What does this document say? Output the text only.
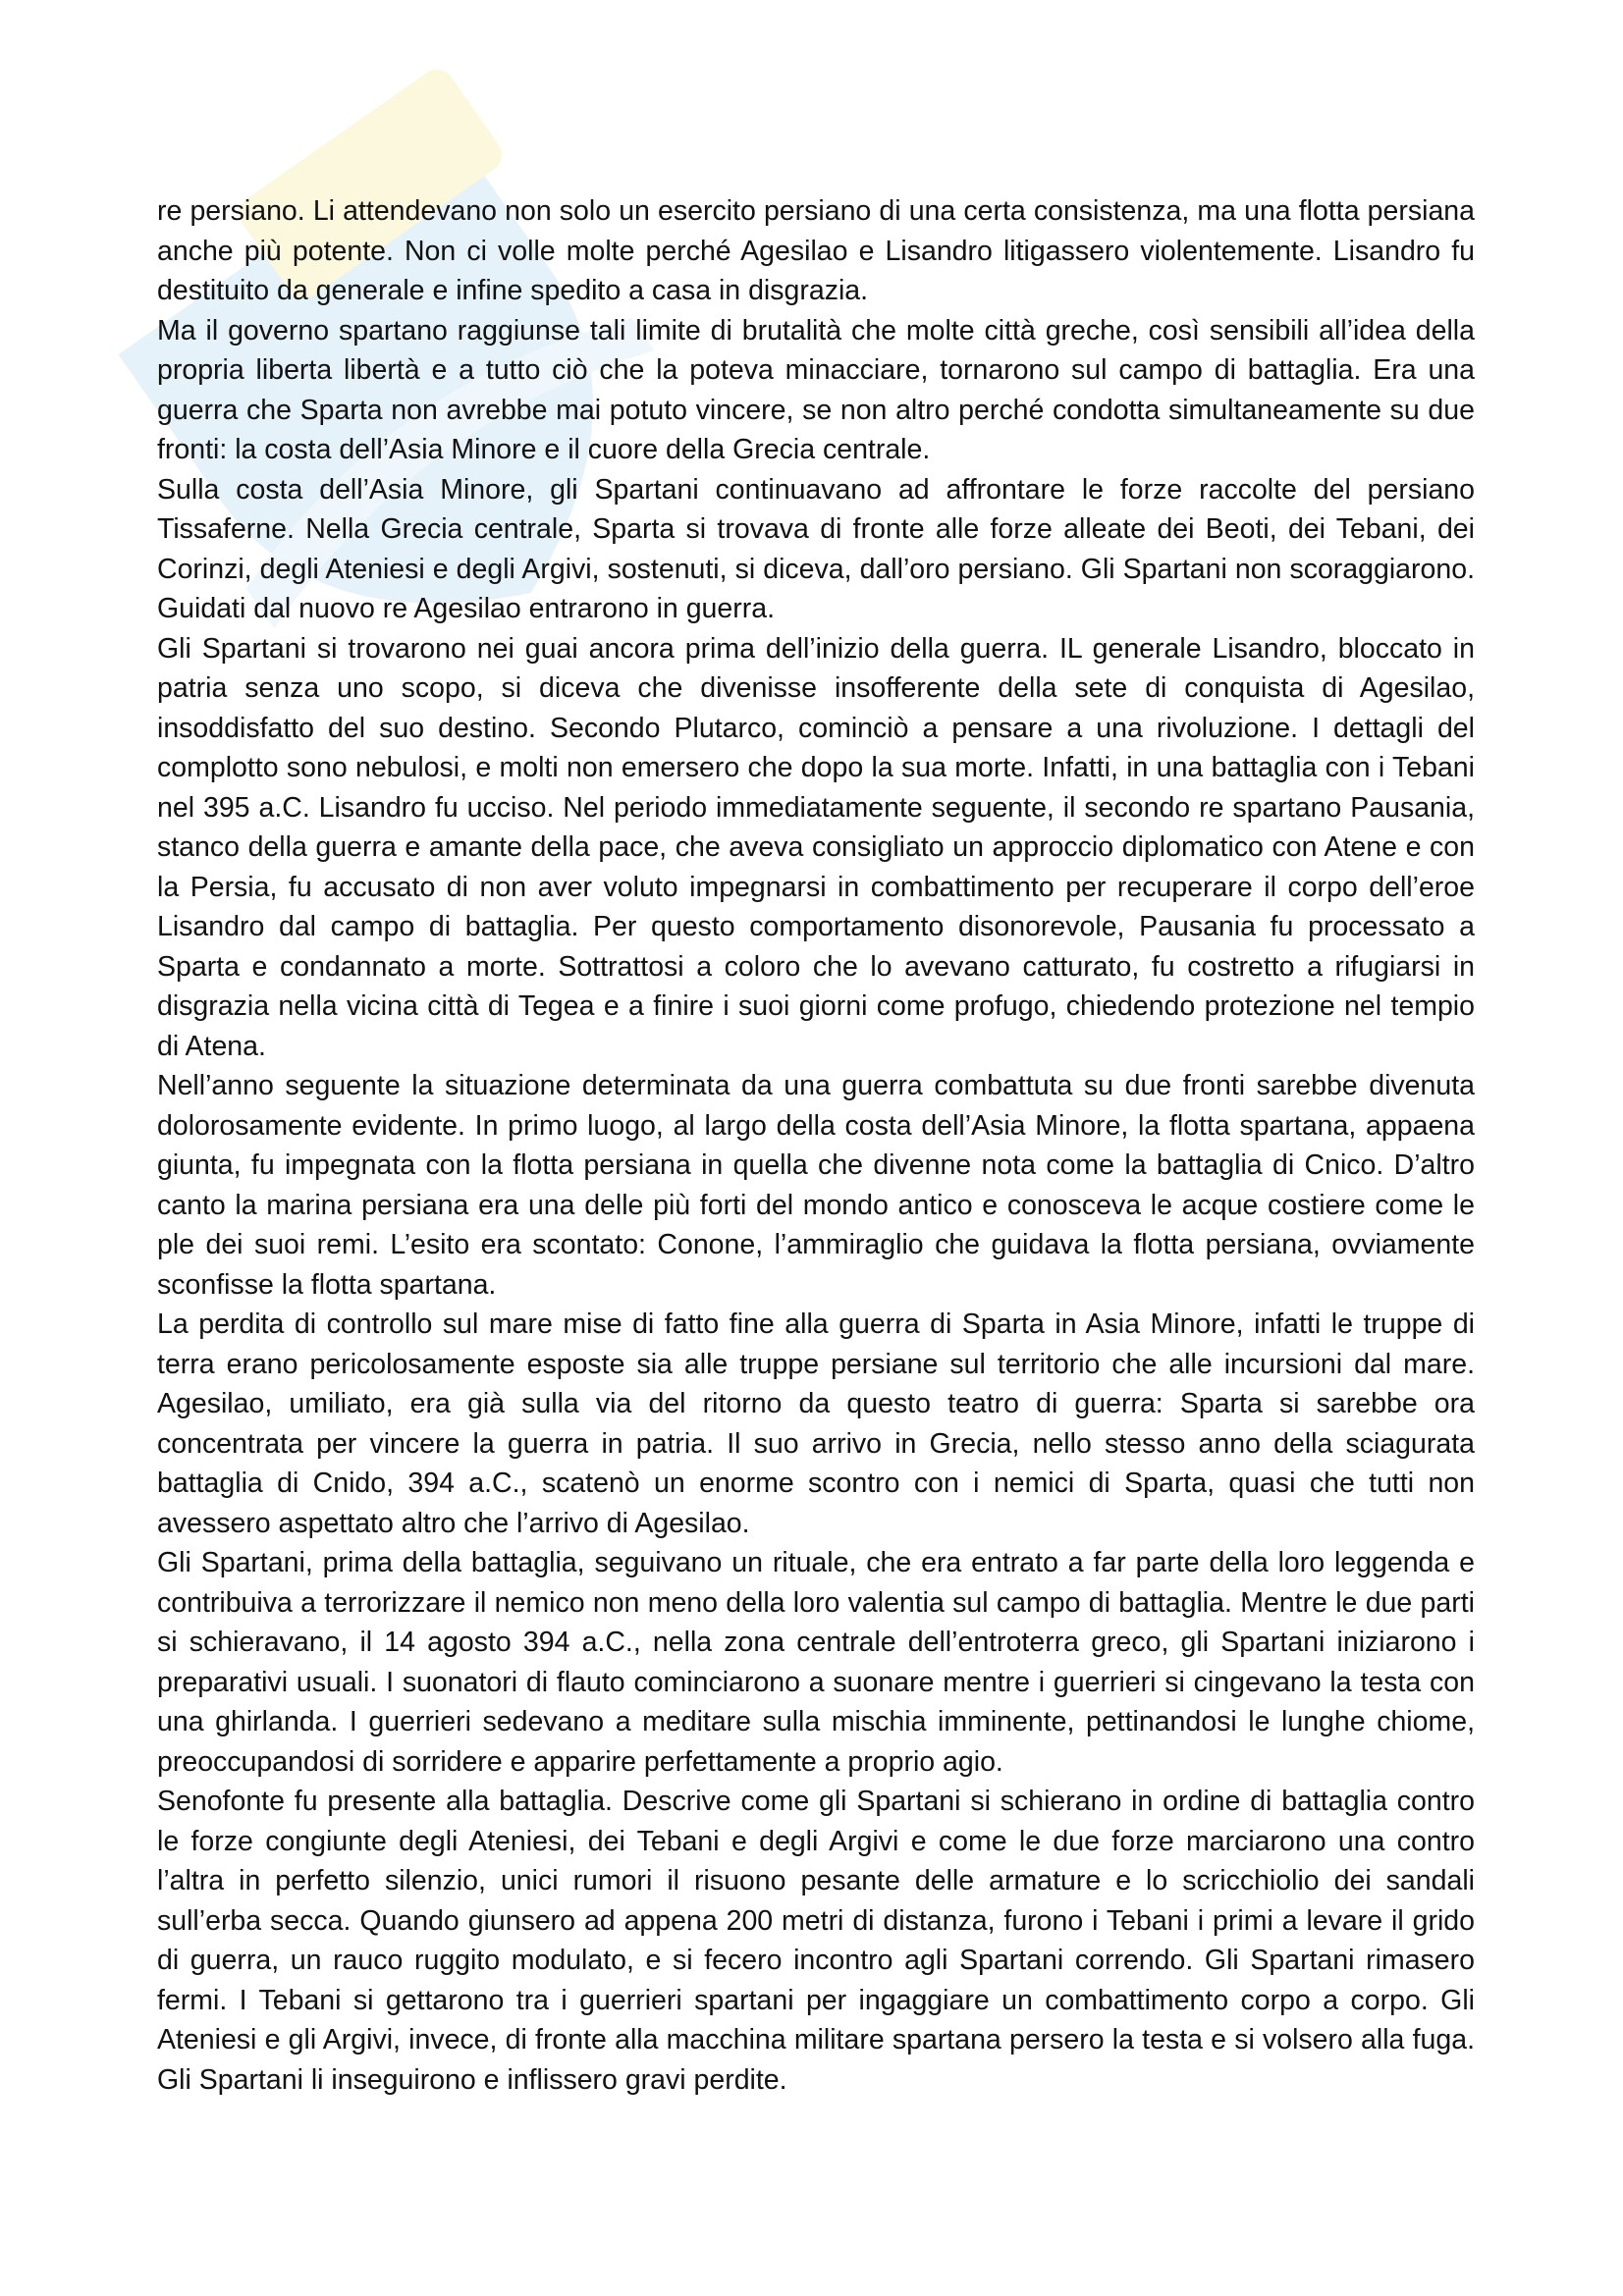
re persiano. Li attendevano non solo un esercito persiano di una certa consistenza, ma una flotta persiana anche più potente. Non ci volle molte perché Agesilao e Lisandro litigassero violentemente. Lisandro fu destituito da generale e infine spedito a casa in disgrazia.

Ma il governo spartano raggiunse tali limite di brutalità che molte città greche, così sensibili all’idea della propria liberta libertà e a tutto ciò che la poteva minacciare, tornarono sul campo di battaglia. Era una guerra che Sparta non avrebbe mai potuto vincere, se non altro perché condotta simultaneamente su due fronti: la costa dell’Asia Minore e il cuore della Grecia centrale.

Sulla costa dell’Asia Minore, gli Spartani continuavano ad affrontare le forze raccolte del persiano Tissaferne. Nella Grecia centrale, Sparta si trovava di fronte alle forze alleate dei Beoti, dei Tebani, dei Corinzi, degli Ateniesi e degli Argivi, sostenuti, si diceva, dall’oro persiano. Gli Spartani non scoraggiarono. Guidati dal nuovo re Agesilao entrarono in guerra.

Gli Spartani si trovarono nei guai ancora prima dell’inizio della guerra. IL generale Lisandro, bloccato in patria senza uno scopo, si diceva che divenisse insofferente della sete di conquista di Agesilao, insoddisfatto del suo destino. Secondo Plutarco, cominciò a pensare a una rivoluzione. I dettagli del complotto sono nebulosi, e molti non emersero che dopo la sua morte. Infatti, in una battaglia con i Tebani nel 395 a.C. Lisandro fu ucciso. Nel periodo immediatamente seguente, il secondo re spartano Pausania, stanco della guerra e amante della pace, che aveva consigliato un approccio diplomatico con Atene e con la Persia, fu accusato di non aver voluto impegnarsi in combattimento per recuperare il corpo dell’eroe Lisandro dal campo di battaglia. Per questo comportamento disonorevole, Pausania fu processato a Sparta e condannato a morte. Sottrattosi a coloro che lo avevano catturato, fu costretto a rifugiarsi in disgrazia nella vicina città di Tegea e a finire i suoi giorni come profugo, chiedendo protezione nel tempio di Atena.

Nell’anno seguente la situazione determinata da una guerra combattuta su due fronti sarebbe divenuta dolorosamente evidente. In primo luogo, al largo della costa dell’Asia Minore, la flotta spartana, appaena giunta, fu impegnata con la flotta persiana in quella che divenne nota come la battaglia di Cnico. D’altro canto la marina persiana era una delle più forti del mondo antico e conosceva le acque costiere come le ple dei suoi remi. L’esito era scontato: Conone, l’ammiraglio che guidava la flotta persiana, ovviamente sconfisse la flotta spartana.

La perdita di controllo sul mare mise di fatto fine alla guerra di Sparta in Asia Minore, infatti le truppe di terra erano pericolosamente esposte sia alle truppe persiane sul territorio che alle incursioni dal mare. Agesilao, umiliato, era già sulla via del ritorno da questo teatro di guerra: Sparta si sarebbe ora concentrata per vincere la guerra in patria. Il suo arrivo in Grecia, nello stesso anno della sciagurata battaglia di Cnido, 394 a.C., scatenò un enorme scontro con i nemici di Sparta, quasi che tutti non avessero aspettato altro che l’arrivo di Agesilao.

Gli Spartani, prima della battaglia, seguivano un rituale, che era entrato a far parte della loro leggenda e contribuiva a terrorizzare il nemico non meno della loro valentia sul campo di battaglia. Mentre le due parti si schieravano, il 14 agosto 394 a.C., nella zona centrale dell’entroterra greco, gli Spartani iniziarono i preparativi usuali. I suonatori di flauto cominciarono a suonare mentre i guerrieri si cingevano la testa con una ghirlanda. I guerrieri sedevano a meditare sulla mischia imminente, pettinandosi le lunghe chiome, preoccupandosi di sorridere e apparire perfettamente a proprio agio.

Senofonte fu presente alla battaglia. Descrive come gli Spartani si schierano in ordine di battaglia contro le forze congiunte degli Ateniesi, dei Tebani e degli Argivi e come le due forze marciarono una contro l’altra in perfetto silenzio, unici rumori il risuono pesante delle armature e lo scricchiolio dei sandali sull’erba secca. Quando giunsero ad appena 200 metri di distanza, furono i Tebani i primi a levare il grido di guerra, un rauco ruggito modulato, e si fecero incontro agli Spartani correndo. Gli Spartani rimasero fermi. I Tebani si gettarono tra i guerrieri spartani per ingaggiare un combattimento corpo a corpo. Gli Ateniesi e gli Argivi, invece, di fronte alla macchina militare spartana persero la testa e si volsero alla fuga. Gli Spartani li inseguirono e inflissero gravi perdite.
